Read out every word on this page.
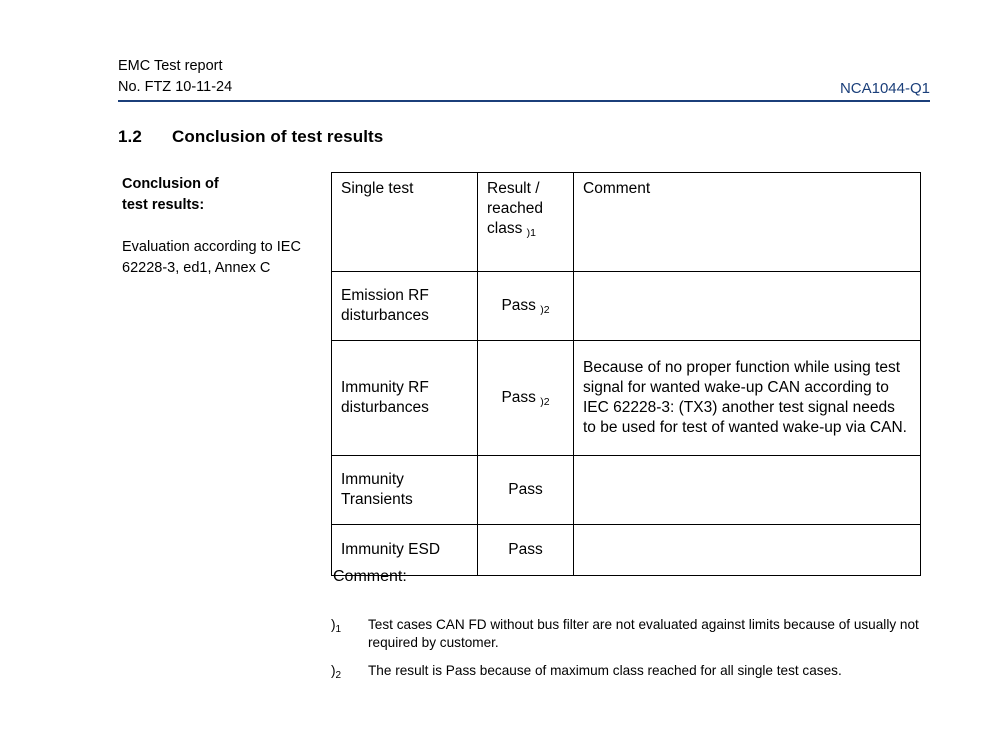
EMC Test report
No. FTZ 10-11-24	NCA1044-Q1
1.2 Conclusion of test results
Conclusion of
test results:
Evaluation according to IEC 62228-3, ed1, Annex C
Single test	Result /
reached
class $_{)1}$	Comment

Emission RF
disturbances	Pass $_{)2}$	

Immunity RF
disturbances	Pass $_{)2}$	Because of no proper function while using test signal for wanted wake-up CAN according to IEC 62228-3: (TX3) another test signal needs to be used for test of wanted wake-up via CAN.

Immunity
Transients	Pass	
Immunity ESD	Pass	
Comment:
)$_1$	Test cases CAN FD without bus filter are not evaluated against limits because of usually not required by customer.
)$_2$	The result is Pass because of maximum class reached for all single test cases.
